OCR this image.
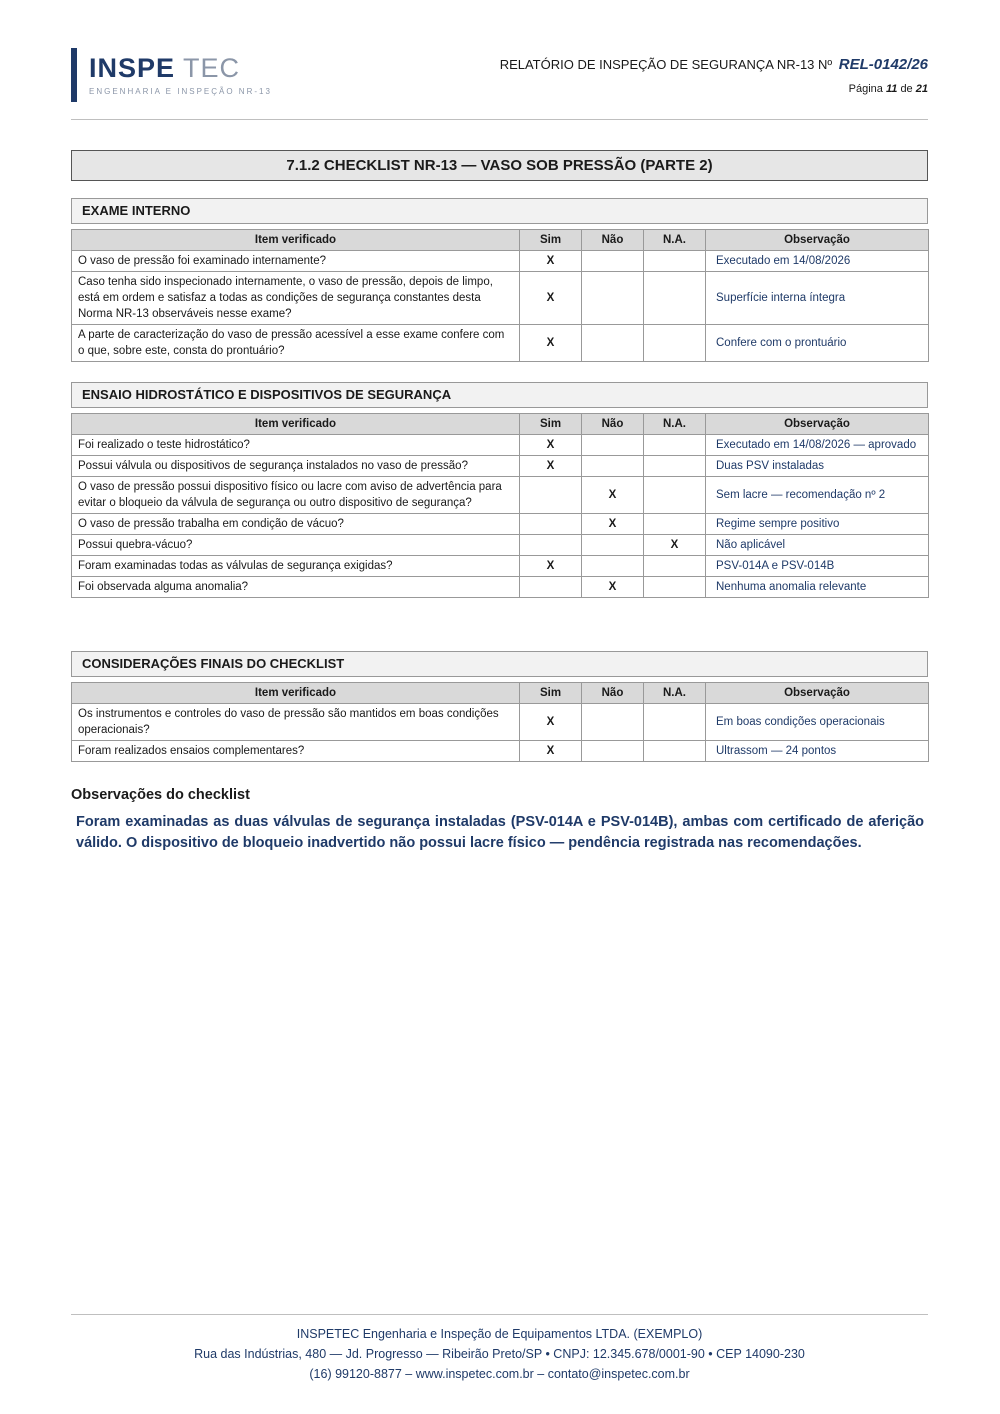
INSPE TEC
ENGENHARIA E INSPEÇÃO NR-13
RELATÓRIO DE INSPEÇÃO DE SEGURANÇA NR-13 Nº REL-0142/26
Página 11 de 21
7.1.2 CHECKLIST NR-13 — VASO SOB PRESSÃO (PARTE 2)
EXAME INTERNO
Item verificado	Sim	Não	N.A.	Observação
O vaso de pressão foi examinado internamente?	X			Executado em 14/08/2026
Caso tenha sido inspecionado internamente, o vaso de pressão, depois de limpo, está em ordem e satisfaz a todas as condições de segurança constantes desta Norma NR-13 observáveis nesse exame?	X			Superfície interna íntegra
A parte de caracterização do vaso de pressão acessível a esse exame confere com o que, sobre este, consta do prontuário?	X			Confere com o prontuário
ENSAIO HIDROSTÁTICO E DISPOSITIVOS DE SEGURANÇA
Item verificado	Sim	Não	N.A.	Observação
Foi realizado o teste hidrostático?	X			Executado em 14/08/2026 — aprovado
Possui válvula ou dispositivos de segurança instalados no vaso de pressão?	X			Duas PSV instaladas
O vaso de pressão possui dispositivo físico ou lacre com aviso de advertência para evitar o bloqueio da válvula de segurança ou outro dispositivo de segurança?		X		Sem lacre — recomendação nº 2
O vaso de pressão trabalha em condição de vácuo?		X		Regime sempre positivo
Possui quebra-vácuo?			X	Não aplicável
Foram examinadas todas as válvulas de segurança exigidas?	X			PSV-014A e PSV-014B
Foi observada alguma anomalia?		X		Nenhuma anomalia relevante
CONSIDERAÇÕES FINAIS DO CHECKLIST
Item verificado	Sim	Não	N.A.	Observação
Os instrumentos e controles do vaso de pressão são mantidos em boas condições operacionais?	X			Em boas condições operacionais
Foram realizados ensaios complementares?	X			Ultrassom — 24 pontos
Observações do checklist
Foram examinadas as duas válvulas de segurança instaladas (PSV-014A e PSV-014B), ambas com certificado de aferição válido. O dispositivo de bloqueio inadvertido não possui lacre físico — pendência registrada nas recomendações.
INSPETEC Engenharia e Inspeção de Equipamentos LTDA. (EXEMPLO)
Rua das Indústrias, 480 — Jd. Progresso — Ribeirão Preto/SP • CNPJ: 12.345.678/0001-90 • CEP 14090-230
(16) 99120-8877 – www.inspetec.com.br – contato@inspetec.com.br
